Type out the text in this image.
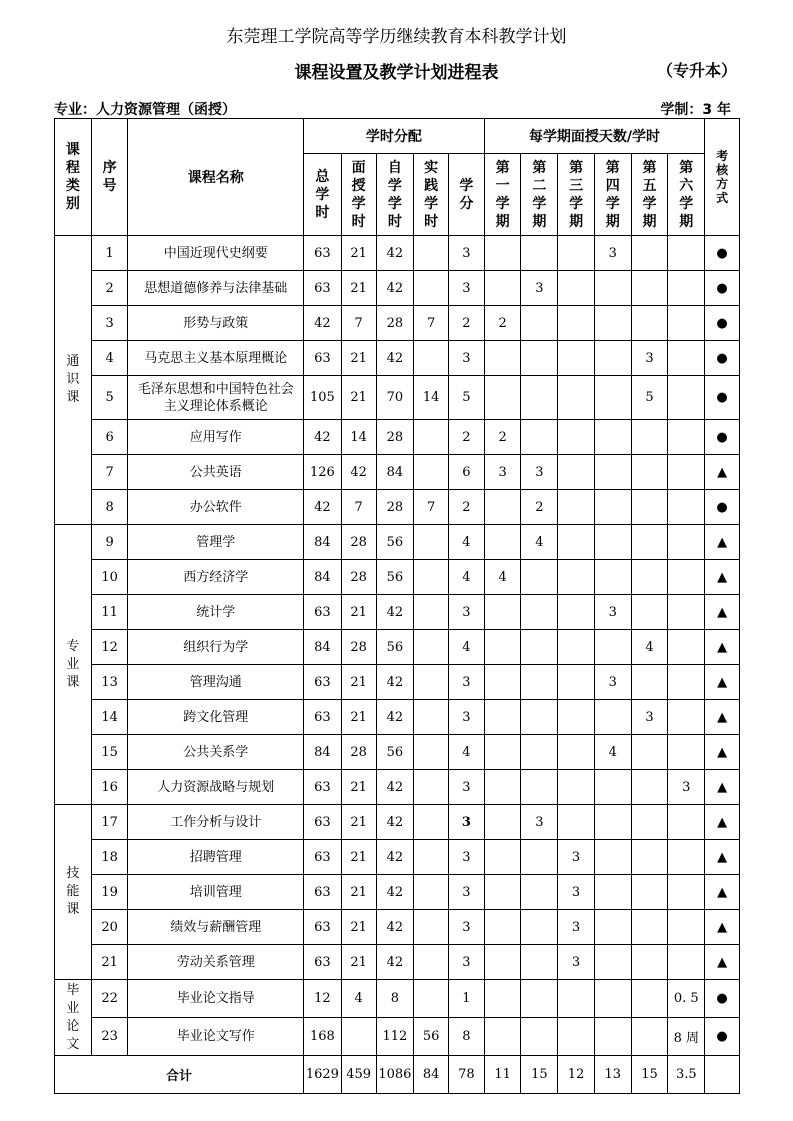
东莞理工学院高等学历继续教育本科教学计划
课程设置及教学计划进程表	（专升本）
专业：人力资源管理（函授）	学制：3 年
课程类别	序号	课程名称	学时分配					每学期面授天数/学时						考核方式
			总学时	面授学时	自学学时	实践学时	学分	第一学期	第二学期	第三学期	第四学期	第五学期	第六学期	
通识课	1	中国近现代史纲要	63	21	42		3				3			●
	2	思想道德修养与法律基础	63	21	42		3		3					●
	3	形势与政策	42	7	28	7	2	2						●
	4	马克思主义基本原理概论	63	21	42		3					3		●
	5	毛泽东思想和中国特色社会主义理论体系概论	105	21	70	14	5					5		●
	6	应用写作	42	14	28		2	2						●
	7	公共英语	126	42	84		6	3	3					▲
	8	办公软件	42	7	28	7	2		2					●
专业课	9	管理学	84	28	56		4		4					▲
	10	西方经济学	84	28	56		4	4						▲
	11	统计学	63	21	42		3				3			▲
	12	组织行为学	84	28	56		4					4		▲
	13	管理沟通	63	21	42		3				3			▲
	14	跨文化管理	63	21	42		3					3		▲
	15	公共关系学	84	28	56		4				4			▲
	16	人力资源战略与规划	63	21	42		3						3	▲
技能课	17	工作分析与设计	63	21	42		3		3					▲
	18	招聘管理	63	21	42		3			3				▲
	19	培训管理	63	21	42		3			3				▲
	20	绩效与薪酬管理	63	21	42		3			3				▲
	21	劳动关系管理	63	21	42		3			3				▲
毕业论文	22	毕业论文指导	12	4	8		1						0. 5	●
	23	毕业论文写作	168		112	56	8						8 周	●
合计			1629	459	1086	84	78	11	15	12	13	15	3.5	
